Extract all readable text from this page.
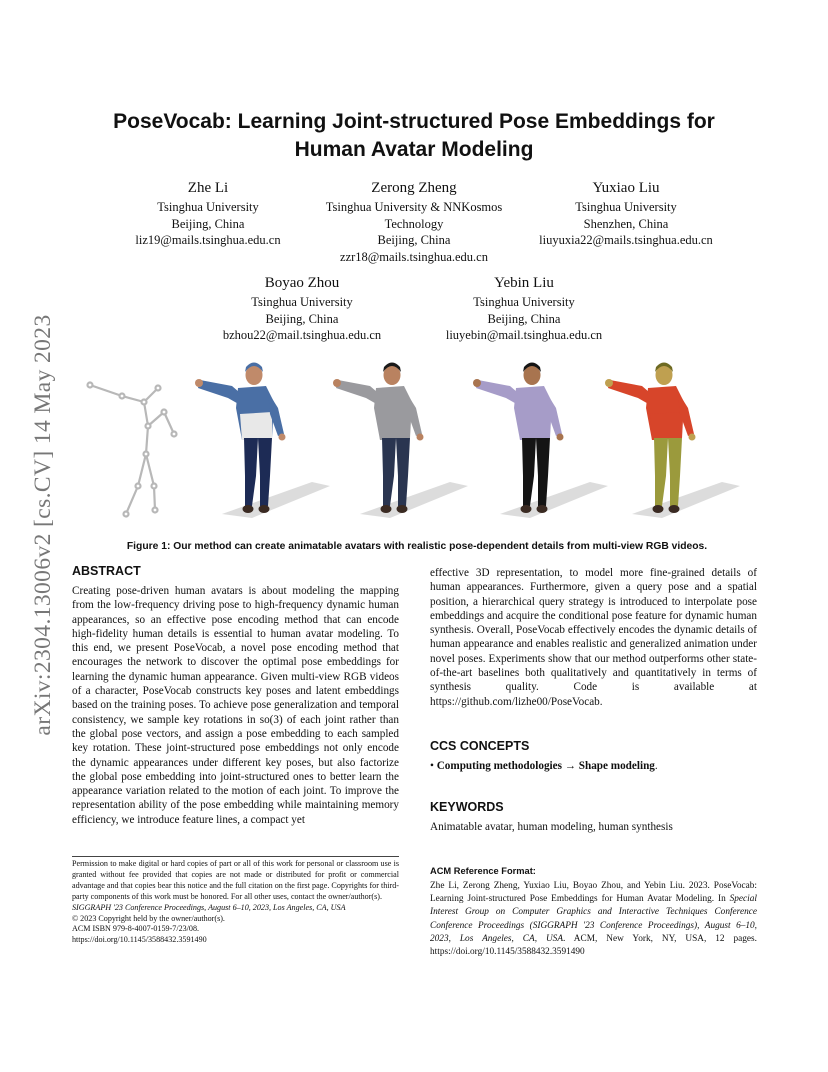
PoseVocab: Learning Joint-structured Pose Embeddings for Human Avatar Modeling
arXiv:2304.13006v2 [cs.CV] 14 May 2023
Zhe Li
Tsinghua University
Beijing, China
liz19@mails.tsinghua.edu.cn
Zerong Zheng
Tsinghua University & NNKosmos
Technology
Beijing, China
zzr18@mails.tsinghua.edu.cn
Yuxiao Liu
Tsinghua University
Shenzhen, China
liuyuxia22@mails.tsinghua.edu.cn
Boyao Zhou
Tsinghua University
Beijing, China
bzhou22@mail.tsinghua.edu.cn
Yebin Liu
Tsinghua University
Beijing, China
liuyebin@mail.tsinghua.edu.cn
Figure 1: Our method can create animatable avatars with realistic pose-dependent details from multi-view RGB videos.
ABSTRACT

Creating pose-driven human avatars is about modeling the mapping from the low-frequency driving pose to high-frequency dynamic human appearances, so an effective pose encoding method that can encode high-fidelity human details is essential to human avatar modeling. To this end, we present PoseVocab, a novel pose encoding method that encourages the network to discover the optimal pose embeddings for learning the dynamic human appearance. Given multi-view RGB videos of a character, PoseVocab constructs key poses and latent embeddings based on the training poses. To achieve pose generalization and temporal consistency, we sample key rotations in so(3) of each joint rather than the global pose vectors, and assign a pose embedding to each sampled key rotation. These joint-structured pose embeddings not only encode the dynamic appearances under different key poses, but also factorize the global pose embedding into joint-structured ones to better learn the appearance variation related to the motion of each joint. To improve the representation ability of the pose embedding while maintaining memory efficiency, we introduce feature lines, a compact yet

effective 3D representation, to model more fine-grained details of human appearances. Furthermore, given a query pose and a spatial position, a hierarchical query strategy is introduced to interpolate pose embeddings and acquire the conditional pose feature for dynamic human synthesis. Overall, PoseVocab effectively encodes the dynamic details of human appearance and enables realistic and generalized animation under novel poses. Experiments show that our method outperforms other state-of-the-art baselines both qualitatively and quantitatively in terms of synthesis quality. Code is available at https://github.com/lizhe00/PoseVocab.

CCS CONCEPTS
• Computing methodologies → Shape modeling.
KEYWORDS
Animatable avatar, human modeling, human synthesis
Permission to make digital or hard copies of part or all of this work for personal or classroom use is granted without fee provided that copies are not made or distributed for profit or commercial advantage and that copies bear this notice and the full citation on the first page. Copyrights for third-party components of this work must be honored. For all other uses, contact the owner/author(s).
SIGGRAPH '23 Conference Proceedings, August 6–10, 2023, Los Angeles, CA, USA
© 2023 Copyright held by the owner/author(s).
ACM ISBN 979-8-4007-0159-7/23/08.
https://doi.org/10.1145/3588432.3591490
ACM Reference Format:
Zhe Li, Zerong Zheng, Yuxiao Liu, Boyao Zhou, and Yebin Liu. 2023. PoseVocab: Learning Joint-structured Pose Embeddings for Human Avatar Modeling. In Special Interest Group on Computer Graphics and Interactive Techniques Conference Conference Proceedings (SIGGRAPH '23 Conference Proceedings), August 6–10, 2023, Los Angeles, CA, USA. ACM, New York, NY, USA, 12 pages. https://doi.org/10.1145/3588432.3591490
